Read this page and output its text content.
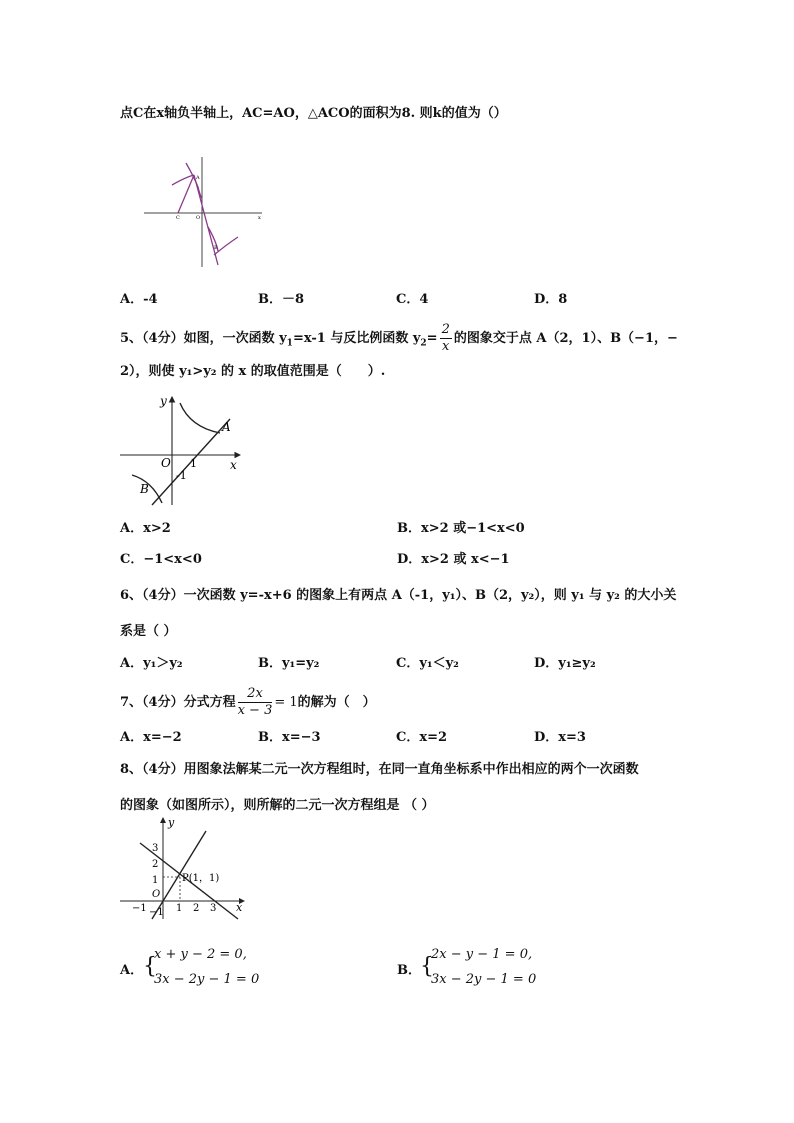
点C在x轴负半轴上，AC=AO，△ACO的面积为8. 则k的值为（）
A
C	O	x
B
A．-4	B．－8	C．4	D．8
5、（4分）如图，一次函数 $y_1=x-1$ 与反比例函数 $y_2= \frac{2}{x}$ 的图象交于点 A（2，1）、B（−1，−
2），则使 y₁>y₂ 的 x 的取值范围是（　　）.
y
x
O 1
-1
A
B
A．x>2	B．x>2 或−1<x<0
C．−1<x<0	D．x>2 或 x<−1
6、（4分）一次函数 y=-x+6 的图象上有两点 A（-1，y₁）、B（2，y₂），则 y₁ 与 y₂ 的大小关
系是（ ）
A．y₁＞y₂	B．y₁=y₂	C．y₁＜y₂	D．y₁≥y₂
7、（4分）分式方程 $\frac{2x}{x - 3} = 1$的解为（　）
A．x=−2	B．x=−3	C．x=2	D．x=3
8、（4分）用图象法解某二元一次方程组时，在同一直角坐标系中作出相应的两个一次函数
的图象（如图所示），则所解的二元一次方程组是 （ ）
y
x
3
2
1
O
−1
−1	1 2 3
P(1，1)
A． {
x + y − 2 = 0,
3x − 2y − 1 = 0
B． {
2x − y − 1 = 0,
3x − 2y − 1 = 0
